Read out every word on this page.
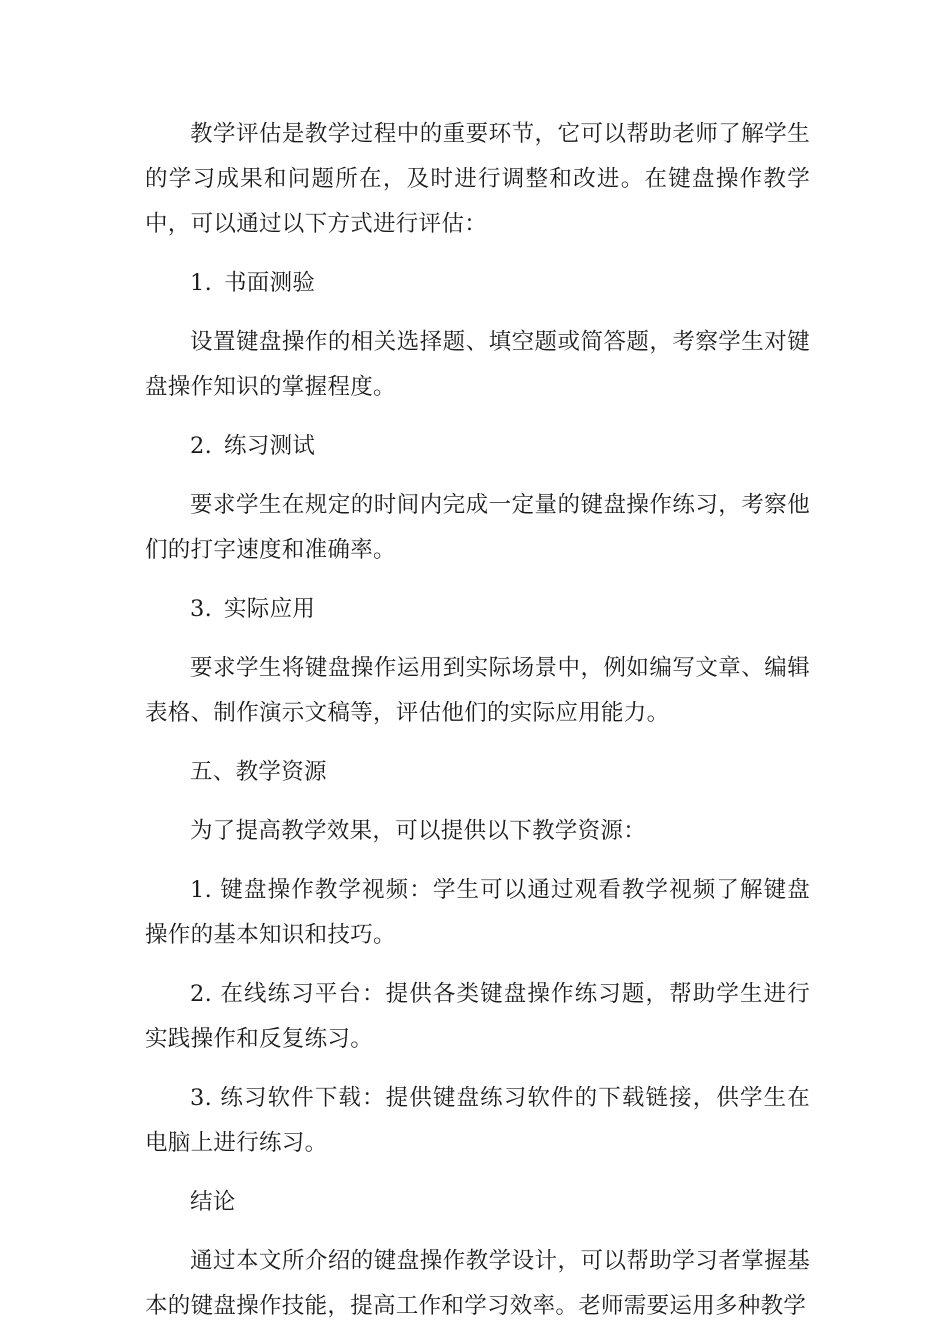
教学评估是教学过程中的重要环节，它可以帮助老师了解学生的学习成果和问题所在，及时进行调整和改进。在键盘操作教学中，可以通过以下方式进行评估：

1. 书面测验

设置键盘操作的相关选择题、填空题或简答题，考察学生对键盘操作知识的掌握程度。

2. 练习测试

要求学生在规定的时间内完成一定量的键盘操作练习，考察他们的打字速度和准确率。

3. 实际应用

要求学生将键盘操作运用到实际场景中，例如编写文章、编辑表格、制作演示文稿等，评估他们的实际应用能力。

五、教学资源

为了提高教学效果，可以提供以下教学资源：

1. 键盘操作教学视频：学生可以通过观看教学视频了解键盘操作的基本知识和技巧。

2. 在线练习平台：提供各类键盘操作练习题，帮助学生进行实践操作和反复练习。

3. 练习软件下载：提供键盘练习软件的下载链接，供学生在电脑上进行练习。

结论

通过本文所介绍的键盘操作教学设计，可以帮助学习者掌握基本的键盘操作技能，提高工作和学习效率。老师需要运用多种教学
